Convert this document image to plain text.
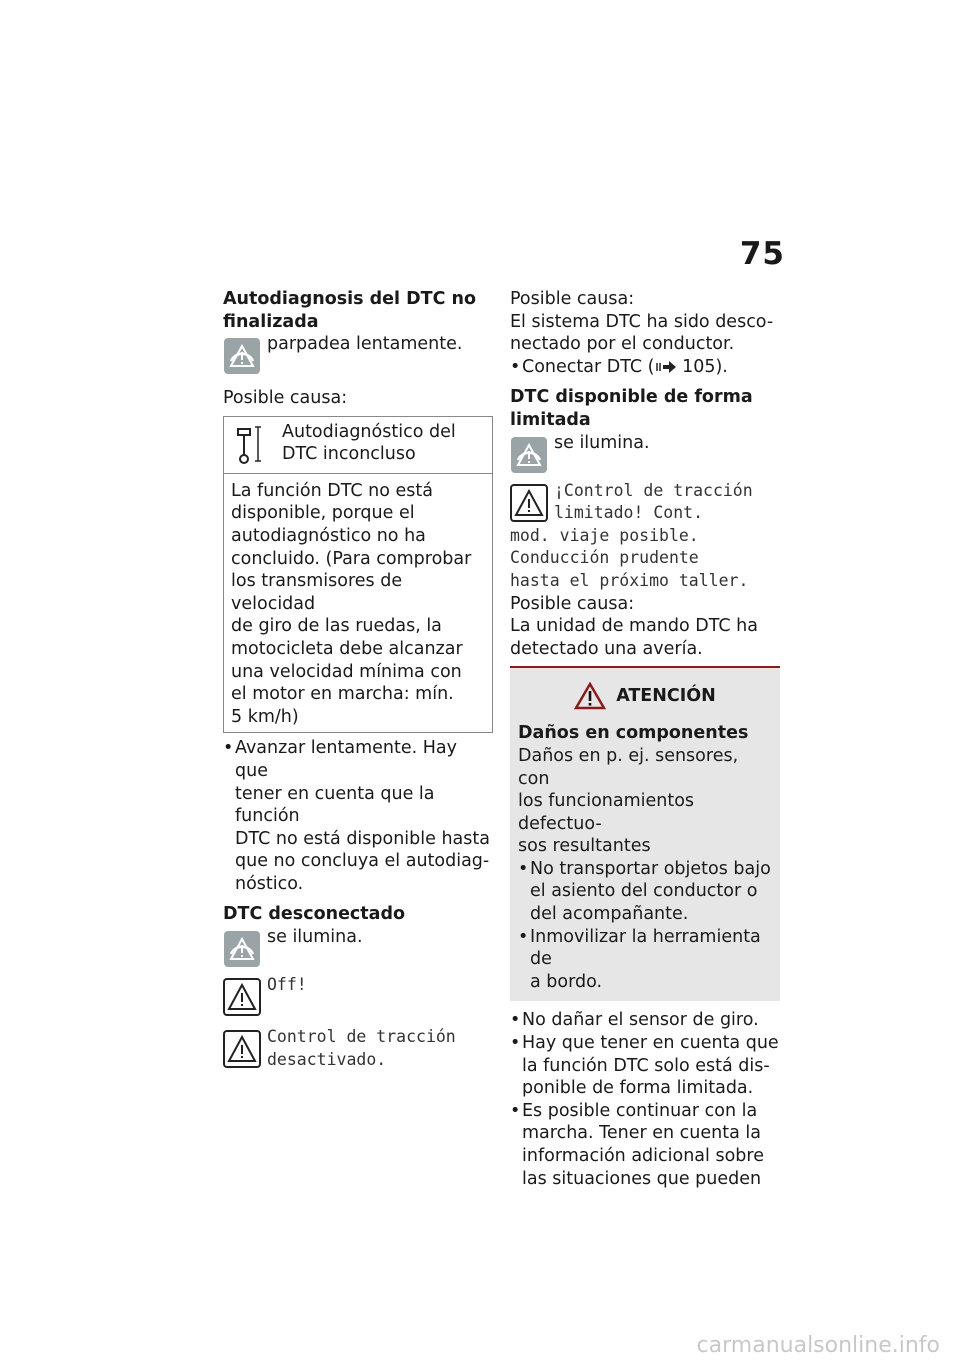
75
Autodiagnosis del DTC no
finalizada
parpadea lentamente.

Posible causa:

Autodiagnóstico del
DTC inconcluso
La función DTC no está
disponible, porque el
autodiagnóstico no ha
concluido. (Para comprobar
los transmisores de velocidad
de giro de las ruedas, la
motocicleta debe alcanzar
una velocidad mínima con
el motor en marcha: mín.
5 km/h)
• Avanzar lentamente. Hay que
tener en cuenta que la función
DTC no está disponible hasta
que no concluya el autodiag-
nóstico.
DTC desconectado
se ilumina.
Off!
Control de tracción
desactivado.

Posible causa:

El sistema DTC ha sido desco-
nectado por el conductor.
• Conectar DTC ( 105).
DTC disponible de forma
limitada
se ilumina.
¡Control de tracción
limitado! Cont.
mod. viaje posible.
Conducción prudente
hasta el próximo taller.

Posible causa:

La unidad de mando DTC ha
detectado una avería.
ATENCIÓN
Daños en componentes
Daños en p. ej. sensores, con
los funcionamientos defectuo-
sos resultantes
• No transportar objetos bajo
el asiento del conductor o
del acompañante.
• Inmovilizar la herramienta de
a bordo.
• No dañar el sensor de giro.
• Hay que tener en cuenta que
la función DTC solo está dis-
ponible de forma limitada.
• Es posible continuar con la
marcha. Tener en cuenta la
información adicional sobre
las situaciones que pueden
carmanualsonline.info
